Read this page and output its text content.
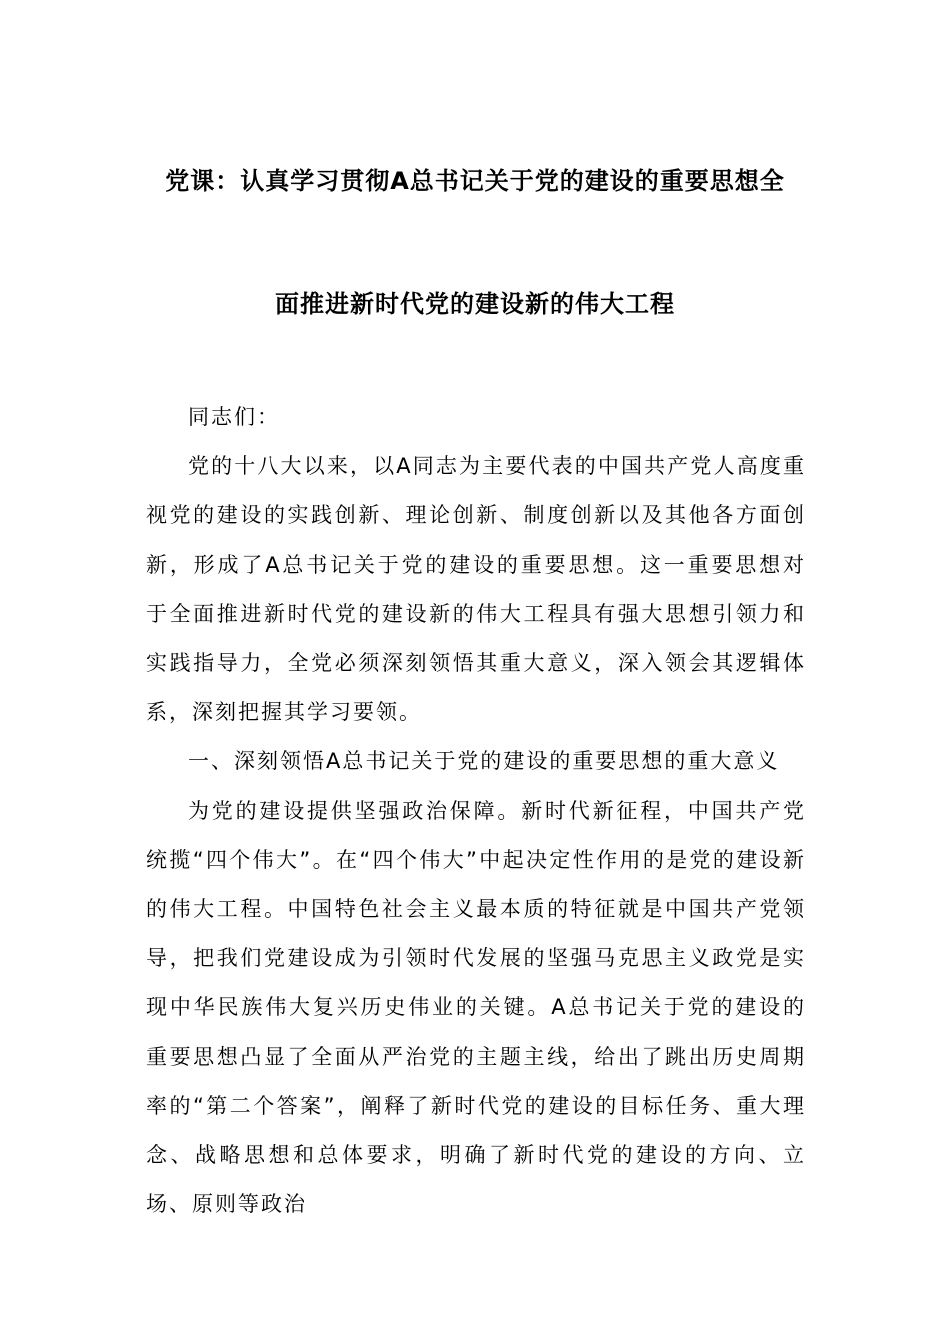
党课：认真学习贯彻A总书记关于党的建设的重要思想全
面推进新时代党的建设新的伟大工程

同志们：

党的十八大以来，以A同志为主要代表的中国共产党人高度重视党的建设的实践创新、理论创新、制度创新以及其他各方面创新，形成了A总书记关于党的建设的重要思想。这一重要思想对于全面推进新时代党的建设新的伟大工程具有强大思想引领力和实践指导力，全党必须深刻领悟其重大意义，深入领会其逻辑体系，深刻把握其学习要领。

一、深刻领悟A总书记关于党的建设的重要思想的重大意义

为党的建设提供坚强政治保障。新时代新征程，中国共产党统揽“四个伟大”。在“四个伟大”中起决定性作用的是党的建设新的伟大工程。中国特色社会主义最本质的特征就是中国共产党领导，把我们党建设成为引领时代发展的坚强马克思主义政党是实现中华民族伟大复兴历史伟业的关键。A总书记关于党的建设的重要思想凸显了全面从严治党的主题主线，给出了跳出历史周期率的“第二个答案”，阐释了新时代党的建设的目标任务、重大理念、战略思想和总体要求，明确了新时代党的建设的方向、立场、原则等政治
